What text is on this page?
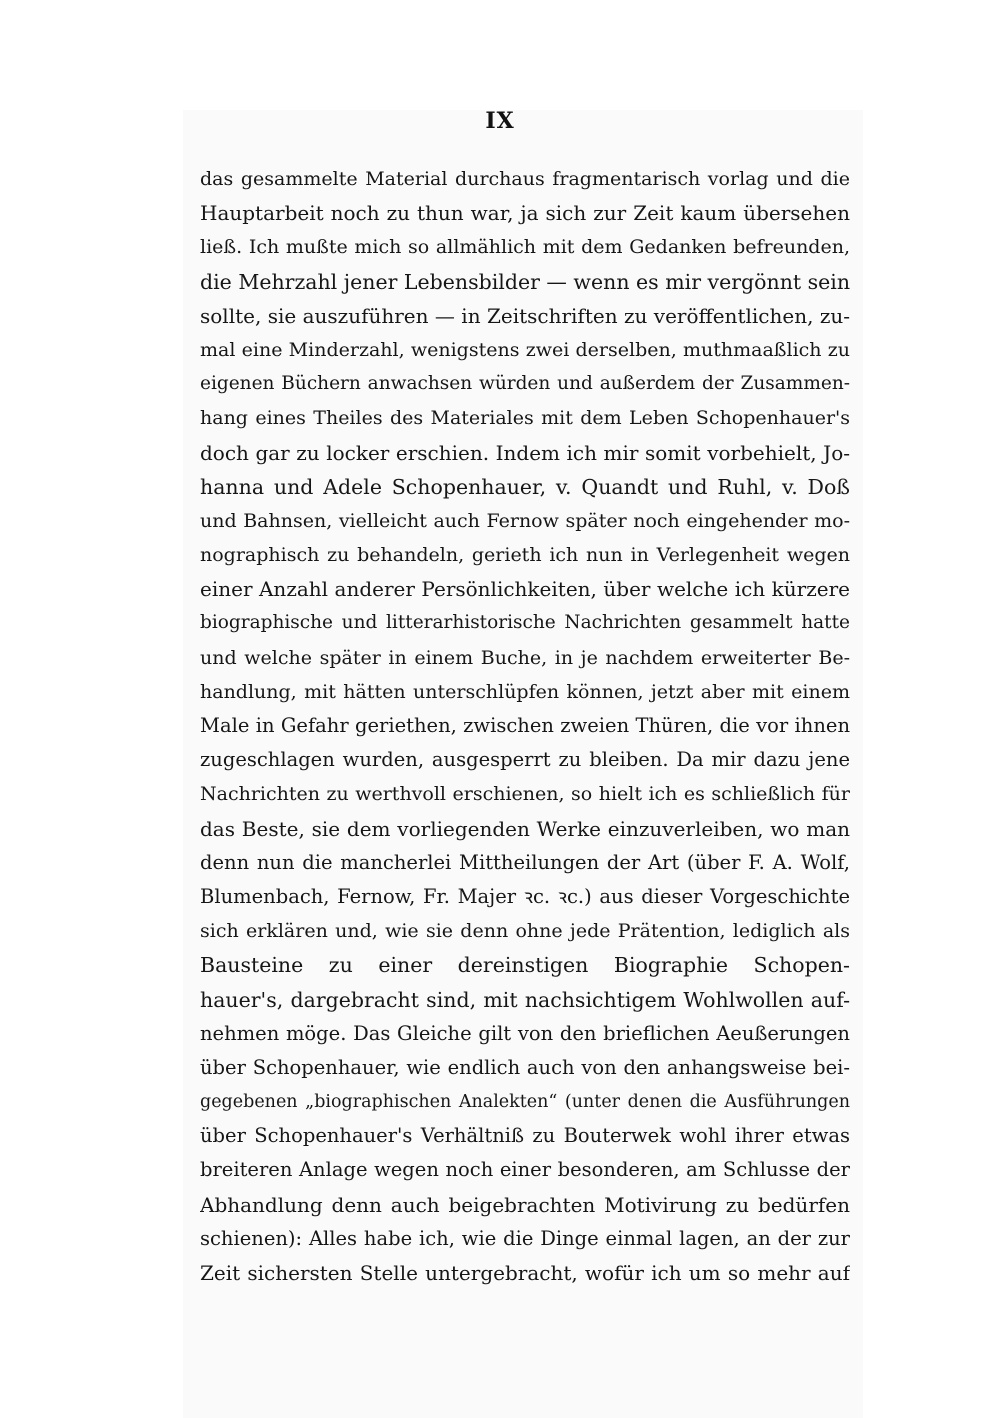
IX
das gesammelte Material durchaus fragmentarisch vorlag und die
Hauptarbeit noch zu thun war, ja sich zur Zeit kaum übersehen
ließ. Ich mußte mich so allmählich mit dem Gedanken befreunden,
die Mehrzahl jener Lebensbilder — wenn es mir vergönnt sein
sollte, sie auszuführen — in Zeitschriften zu veröffentlichen, zu-
mal eine Minderzahl, wenigstens zwei derselben, muthmaaßlich zu
eigenen Büchern anwachsen würden und außerdem der Zusammen-
hang eines Theiles des Materiales mit dem Leben Schopenhauer's
doch gar zu locker erschien. Indem ich mir somit vorbehielt, Jo-
hanna und Adele Schopenhauer, v. Quandt und Ruhl, v. Doß
und Bahnsen, vielleicht auch Fernow später noch eingehender mo-
nographisch zu behandeln, gerieth ich nun in Verlegenheit wegen
einer Anzahl anderer Persönlichkeiten, über welche ich kürzere
biographische und litterarhistorische Nachrichten gesammelt hatte
und welche später in einem Buche, in je nachdem erweiterter Be-
handlung, mit hätten unterschlüpfen können, jetzt aber mit einem
Male in Gefahr geriethen, zwischen zweien Thüren, die vor ihnen
zugeschlagen wurden, ausgesperrt zu bleiben. Da mir dazu jene
Nachrichten zu werthvoll erschienen, so hielt ich es schließlich für
das Beste, sie dem vorliegenden Werke einzuverleiben, wo man
denn nun die mancherlei Mittheilungen der Art (über F. A. Wolf,
Blumenbach, Fernow, Fr. Majer ꝛc. ꝛc.) aus dieser Vorgeschichte
sich erklären und, wie sie denn ohne jede Prätention, lediglich als
Bausteine zu einer dereinstigen Biographie Schopen-
hauer's, dargebracht sind, mit nachsichtigem Wohlwollen auf-
nehmen möge. Das Gleiche gilt von den brieflichen Aeußerungen
über Schopenhauer, wie endlich auch von den anhangsweise bei-
gegebenen „biographischen Analekten“ (unter denen die Ausführungen
über Schopenhauer's Verhältniß zu Bouterwek wohl ihrer etwas
breiteren Anlage wegen noch einer besonderen, am Schlusse der
Abhandlung denn auch beigebrachten Motivirung zu bedürfen
schienen): Alles habe ich, wie die Dinge einmal lagen, an der zur
Zeit sichersten Stelle untergebracht, wofür ich um so mehr auf
